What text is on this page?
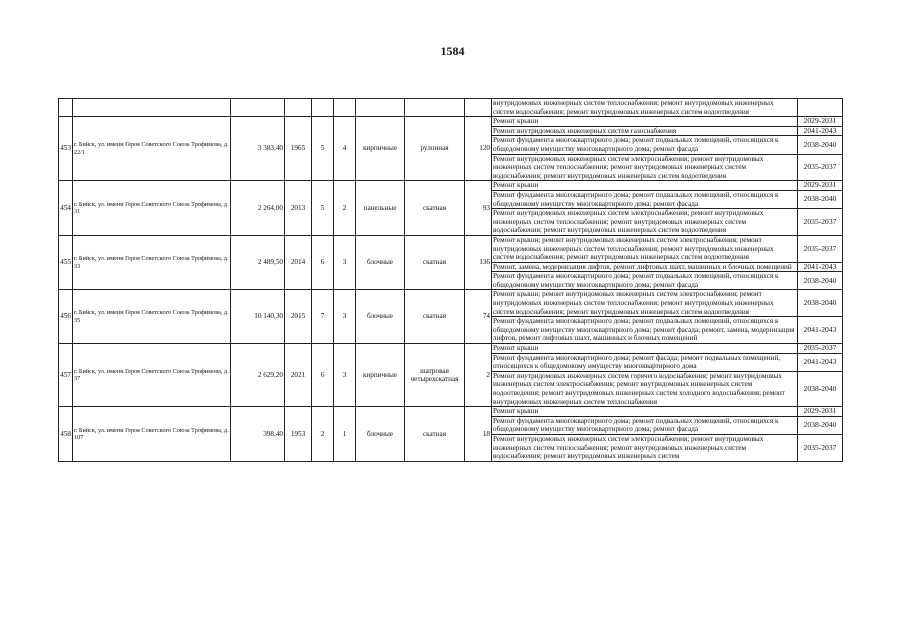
1584
									внутридомовых инженерных систем теплоснабжения; ремонт внутридомовых инженерных систем водоснабжения; ремонт внутридомовых инженерных систем водоотведения	
453	г. Бийск, ул. имени Героя Советского Союза Трофимова, д. 22/1	3 383,40	1965	5	4	кирпичные	рулонная	120	Ремонт крыши	2029-2031
									Ремонт внутридомовых инженерных систем газоснабжения	2041-2043
									Ремонт фундамента многоквартирного дома; ремонт подвальных помещений, относящихся к общедомовому имуществу многоквартирного дома; ремонт фасада	2038-2040
									Ремонт внутридомовых инженерных систем электроснабжения; ремонт внутридомовых инженерных систем теплоснабжения; ремонт внутридомовых инженерных систем водоснабжения; ремонт внутридомовых инженерных систем водоотведения	2035-2037
454	г. Бийск, ул. имени Героя Советского Союза Трофимова, д. 31	2 264,00	2013	5	2	панельные	скатная	93	Ремонт крыши	2029-2031
									Ремонт фундамента многоквартирного дома; ремонт подвальных помещений, относящихся к общедомовому имуществу многоквартирного дома; ремонт фасада	2038-2040
									Ремонт внутридомовых инженерных систем электроснабжения; ремонт внутридомовых инженерных систем теплоснабжения; ремонт внутридомовых инженерных систем водоснабжения; ремонт внутридомовых инженерных систем водоотведения	2035-2037
455	г. Бийск, ул. имени Героя Советского Союза Трофимова, д. 33	2 489,50	2014	6	3	блочные	скатная	136	Ремонт крыши; ремонт внутридомовых инженерных систем электроснабжения; ремонт внутридомовых инженерных систем теплоснабжения; ремонт внутридомовых инженерных систем водоснабжения; ремонт внутридомовых инженерных систем водоотведения	2035-2037
									Ремонт, замена, модернизация лифтов, ремонт лифтовых шахт, машинных и блочных помещений	2041-2043
									Ремонт фундамента многоквартирного дома; ремонт подвальных помещений, относящихся к общедомовому имуществу многоквартирного дома; ремонт фасада	2038-2040
456	г. Бийск, ул. имени Героя Советского Союза Трофимова, д. 35	10 140,30	2015	7	3	блочные	скатная	74	Ремонт крыши; ремонт внутридомовых инженерных систем электроснабжения; ремонт внутридомовых инженерных систем теплоснабжения; ремонт внутридомовых инженерных систем водоснабжения; ремонт внутридомовых инженерных систем водоотведения	2038-2040
									Ремонт фундамента многоквартирного дома; ремонт подвальных помещений, относящихся к общедомовому имуществу многоквартирного дома; ремонт фасада; ремонт, замена, модернизация лифтов, ремонт лифтовых шахт, машинных и блочных помещений	2041-2043
457	г. Бийск, ул. имени Героя Советского Союза Трофимова, д. 37	2 629,20	2021	6	3	кирпичные	шатровая четырехскатная	2	Ремонт крыши	2035-2037
									Ремонт фундамента многоквартирного дома; ремонт фасада; ремонт подвальных помещений, относящихся к общедомовому имуществу многоквартирного дома	2041-2043
									Ремонт внутридомовых инженерных систем горячего водоснабжения; ремонт внутридомовых инженерных систем электроснабжения; ремонт внутридомовых инженерных систем водоотведения; ремонт внутридомовых инженерных систем холодного водоснабжения; ремонт внутридомовых инженерных систем теплоснабжения	2038-2040
458	г. Бийск, ул. имени Героя Советского Союза Трофимова, д. 107	398,40	1953	2	1	блочные	скатная	18	Ремонт крыши	2029-2031
									Ремонт фундамента многоквартирного дома; ремонт подвальных помещений, относящихся к общедомовому имуществу многоквартирного дома; ремонт фасада	2038-2040
									Ремонт внутридомовых инженерных систем электроснабжения; ремонт внутридомовых инженерных систем теплоснабжения; ремонт внутридомовых инженерных систем водоснабжения; ремонт внутридомовых инженерных систем	2035-2037
